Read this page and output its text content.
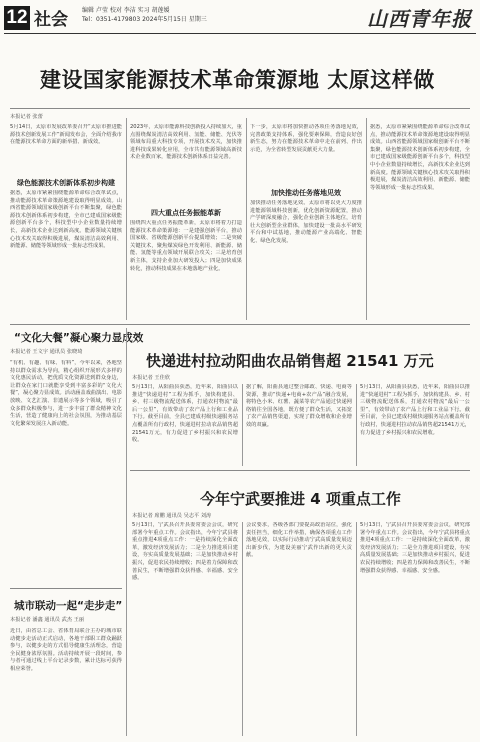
12 社会 编辑 卢莹 校对 李洁 实习 胡莲媛
Tel：0351-4179803 2024年5月15日 星期三	山西青年报
建设国家能源技术革命策源地 太原这样做
本报记者 张蕾
5月14日，太原市发展改革委召开“太原市推进能源技术创新发展工作”新闻发布会，全面介绍我市在能源技术革命方面的新举措、新成效。
绿色能源技术创新体系初步构建
据悉，太原市紧紧围绕能源革命综合改革试点，推动能源技术革命策源地建设取得明显成效。山西省能源领域国家级创新平台不断集聚，绿色能源技术创新体系初步构建，全市已建成国家级能源创新平台多个，科技型中小企业数量持续增长，高新技术企业达到新高度。能源领域关键核心技术攻关取得积极进展，煤炭清洁高效利用、新能源、储能等领域形成一批标志性成果。
2023年，太原市能源科技创新投入持续加大，重点围绕煤炭清洁高效利用、氢能、储能、光伏等领域布局重大科技专项，开展技术攻关，加快推进科技成果转化应用，全市共有能源领域高新技术企业数百家，能源技术创新体系日益完善。
四大重点任务振能革新
围绕四大重点任务振能革新，太原市将着力打造能源技术革命策源地：一是建强创新平台，推动国家级、省级能源创新平台提质增效；二是突破关键技术，聚焦煤炭绿色开发利用、新能源、储能、氢能等重点领域开展联合攻关；三是培育创新主体，支持企业加大研发投入；四是加快成果转化，推动科技成果在本地落地产业化。
下一步，太原市将加快推动各项任务落地见效，完善政策支持体系，强化要素保障，营造良好创新生态，努力在能源技术革命中走在前列、作出示范，为全省转型发展贡献更大力量。
加快推动任务落地见效
加快推动任务落地见效。太原市将以更大力度推进能源领域科技创新，优化创新资源配置，推动产学研深度融合，强化企业创新主体地位，培育壮大创新型企业群体，加快建设一批高水平研发平台和中试基地，推动能源产业高端化、智能化、绿色化发展。
据悉，太原市紧紧围绕能源革命综合改革试点，推动能源技术革命策源地建设取得明显成效。山西省能源领域国家级创新平台不断集聚，绿色能源技术创新体系初步构建，全市已建成国家级能源创新平台多个，科技型中小企业数量持续增长，高新技术企业达到新高度。能源领域关键核心技术攻关取得积极进展，煤炭清洁高效利用、新能源、储能等领域形成一批标志性成果。
“文化大餐”凝心聚力显成效
本报记者 王文宇 通讯员 张晓琦
“有机、有趣、有味、有料”，今年以来，各地坚持以群众需求为导向，精心组织开展形式多样的文化惠民活动，把优质文化资源送到群众身边，让群众在家门口就能享受到丰富多彩的“文化大餐”，凝心聚力显成效。活动涵盖戏曲演出、电影放映、文艺汇演、非遗展示等多个领域，吸引了众多群众积极参与，进一步丰富了群众精神文化生活，营造了健康向上的社会氛围，为推动基层文化繁荣发展注入新动能。
城市联动一起“走步走”
本报记者 潘鑫 通讯员 武杰 王丽
近日，由省总工会、省体育局联合主办的城市联动健步走活动正式启动，各地干部职工群众踊跃参与，以健步走的方式倡导健康生活理念，营造全民健身浓厚氛围。活动持续开展一段时间，参与者可通过线上平台记录步数，累计达标可获得相应荣誉。
快递进村拉动阳曲农品销售超 21541 万元
本报记者 王佳欣
5月13日，从阳曲县获悉，近年来，阳曲县以推进“快递进村”工程为抓手，加快构建县、乡、村三级物流配送体系，打通农村物流“最后一公里”，有效带动了农产品上行和工业品下行。截至目前，全县已建成村级快递服务站点覆盖所有行政村，快递进村拉动农品销售超21541万元，有力促进了乡村振兴和农民增收。
据了解，阳曲县通过整合邮政、快递、电商等资源，推动“快递+电商+农产品”融合发展，将特色小米、红薯、蔬菜等农产品通过快递网络销往全国各地，既方便了群众生活，又拓宽了农产品销售渠道，实现了群众增收和企业增效的双赢。
5月13日，从阳曲县获悉，近年来，阳曲县以推进“快递进村”工程为抓手，加快构建县、乡、村三级物流配送体系，打通农村物流“最后一公里”，有效带动了农产品上行和工业品下行。截至目前，全县已建成村级快递服务站点覆盖所有行政村，快递进村拉动农品销售超21541万元，有力促进了乡村振兴和农民增收。
今年宁武要推进 4 项重点工作
本报记者 席鹏 通讯员 吴志平 刘涛
5月13日，宁武县召开县委常委会会议，研究部署今年重点工作。会议指出，今年宁武县将重点推进4项重点工作：一是持续深化全面改革，激发经济发展活力；二是全力推进项目建设，夯实高质量发展基础；三是加快推动乡村振兴，促进农民持续增收；四是着力保障和改善民生，不断增强群众获得感、幸福感、安全感。
会议要求，各级各部门要提高政治站位，强化责任担当，细化工作举措，确保各项重点工作落地见效，以实际行动推动宁武高质量发展迈出新步伐，为建设美丽宁武作出新的更大贡献。
5月13日，宁武县召开县委常委会会议，研究部署今年重点工作。会议指出，今年宁武县将重点推进4项重点工作：一是持续深化全面改革，激发经济发展活力；二是全力推进项目建设，夯实高质量发展基础；三是加快推动乡村振兴，促进农民持续增收；四是着力保障和改善民生，不断增强群众获得感、幸福感、安全感。
